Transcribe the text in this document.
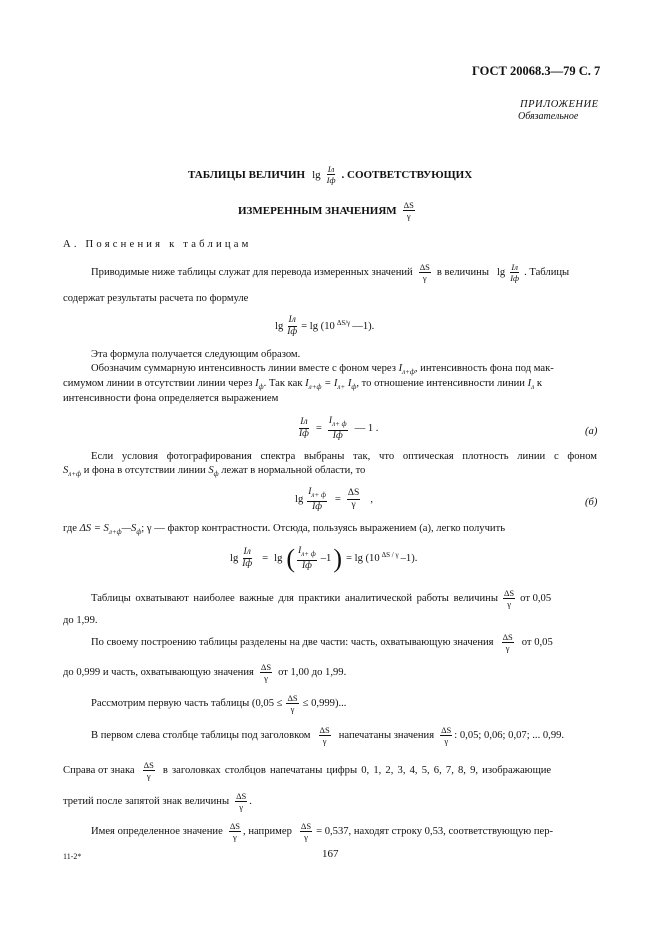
ГОСТ 20068.3—79 С. 7
ПРИЛОЖЕНИЕ
Обязательное
ТАБЛИЦЫ ВЕЛИЧИН $\lg \frac{Iл}{Iф}$ . СООТВЕТСТВУЮЩИХ
ИЗМЕРЕННЫМ ЗНАЧЕНИЯМ $\frac{\Delta S}{\gamma}$
А. Пояснения к таблицам
Приводимые ниже таблицы служат для перевода измеренных значений $\frac{\Delta S}{\gamma}$ в величины $\lg \frac{Iл}{Iф}$ . Таблицы
содержат результаты расчета по формуле
$\lg \frac{Iл}{Iф} = \lg (10$ $^{\Delta S/\gamma}$ —1).
Эта формула получается следующим образом.
Обозначим суммарную интенсивность линии вместе с фоном через $I_{л+ф}$, интенсивность фона под мак-
симумом линии в отсутствии линии через $I_ф$. Так как $I_{л+ф} = I_{л+}$ $I_ф$, то отношение интенсивности линии $I_л$ к
интенсивности фона определяется выражением
$\frac{Iл}{Iф} = \frac{I_{л+ ф}}{Iф}$ — 1 .	(а)
Если условия фотографирования спектра выбраны так, что оптическая плотность линии с фоном
$S_{л+ф}$ и фона в отсутствии линии $S_ф$ лежат в нормальной области, то
$\lg \frac{I_{л+ ф}}{Iф} = \frac{\Delta S}{\gamma}$ ,	(б)
где $\Delta S = S_{л+ф}—S_ф$; γ — фактор контрастности. Отсюда, пользуясь выражением (а), легко получить
$\lg \frac{Iл}{Iф} = \lg$ ( $\frac{I_{л+ ф}}{Iф} -1$ ) = lg (10 $^{\Delta S / \gamma}$ –1).
Таблицы охватывают наиболее важные для практики аналитической работы величины $\frac{\Delta S}{\gamma}$ от 0,05
до 1,99.
По своему построению таблицы разделены на две части: часть, охватывающую значения $\frac{\Delta S}{\gamma}$ от 0,05
до 0,999 и часть, охватывающую значения $\frac{\Delta S}{\gamma}$ от 1,00 до 1,99.
Рассмотрим первую часть таблицы $(0,05 \le \frac{\Delta S}{\gamma} \le 0,999)$...
В первом слева столбце таблицы под заголовком $\frac{\Delta S}{\gamma}$ напечатаны значения $\frac{\Delta S}{\gamma}$ : 0,05; 0,06; 0,07; ... 0,99.
Справа от знака $\frac{\Delta S}{\gamma}$ в заголовках столбцов напечатаны цифры 0, 1, 2, 3, 4, 5, 6, 7, 8, 9, изображающие
третий после запятой знак величины $\frac{\Delta S}{\gamma}$ .
Имея определенное значение $\frac{\Delta S}{\gamma}$ , например $\frac{\Delta S}{\gamma} = 0,537$, находят строку 0,53, соответствующую пер-
11-2*	167
